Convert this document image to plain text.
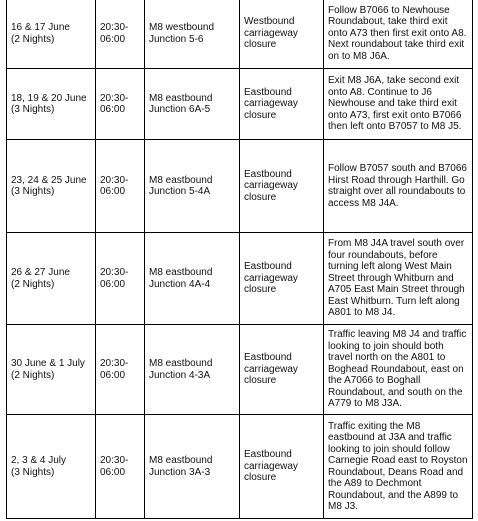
16 & 17 June
(2 Nights)	20:30-
06:00	M8 westbound
Junction 5-6	Westbound
carriageway
closure	Follow B7066 to Newhouse Roundabout, take third exit onto A73 then first exit onto A8. Next roundabout take third exit on to M8 J6A.

18, 19 & 20 June
(3 Nights)	20:30-
06:00	M8 eastbound
Junction 6A-5	Eastbound
carriageway
closure	Exit M8 J6A, take second exit onto A8. Continue to J6 Newhouse and take third exit onto A73, first exit onto B7066 then left onto B7057 to M8 J5.

23, 24 & 25 June
(3 Nights)	20:30-
06:00	M8 eastbound
Junction 5-4A	Eastbound
carriageway
closure	Follow B7057 south and B7066 Hirst Road through Harthill. Go straight over all roundabouts to access M8 J4A.

26 & 27 June
(2 Nights)	20:30-
06:00	M8 eastbound
Junction 4A-4	Eastbound
carriageway
closure	From M8 J4A travel south over four roundabouts, before turning left along West Main Street through Whitburn and A705 East Main Street through East Whitburn. Turn left along A801 to M8 J4.

30 June & 1 July
(2 Nights)	20:30-
06:00	M8 eastbound
Junction 4-3A	Eastbound
carriageway
closure	Traffic leaving M8 J4 and traffic looking to join should both travel north on the A801 to Boghead Roundabout, east on the A7066 to Boghall Roundabout, and south on the A779 to M8 J3A.

2, 3 & 4 July
(3 Nights)	20:30-
06:00	M8 eastbound
Junction 3A-3	Eastbound
carriageway
closure	Traffic exiting the M8 eastbound at J3A and traffic looking to join should follow Carnegie Road east to Royston Roundabout, Deans Road and the A89 to Dechmont Roundabout, and the A899 to M8 J3.
